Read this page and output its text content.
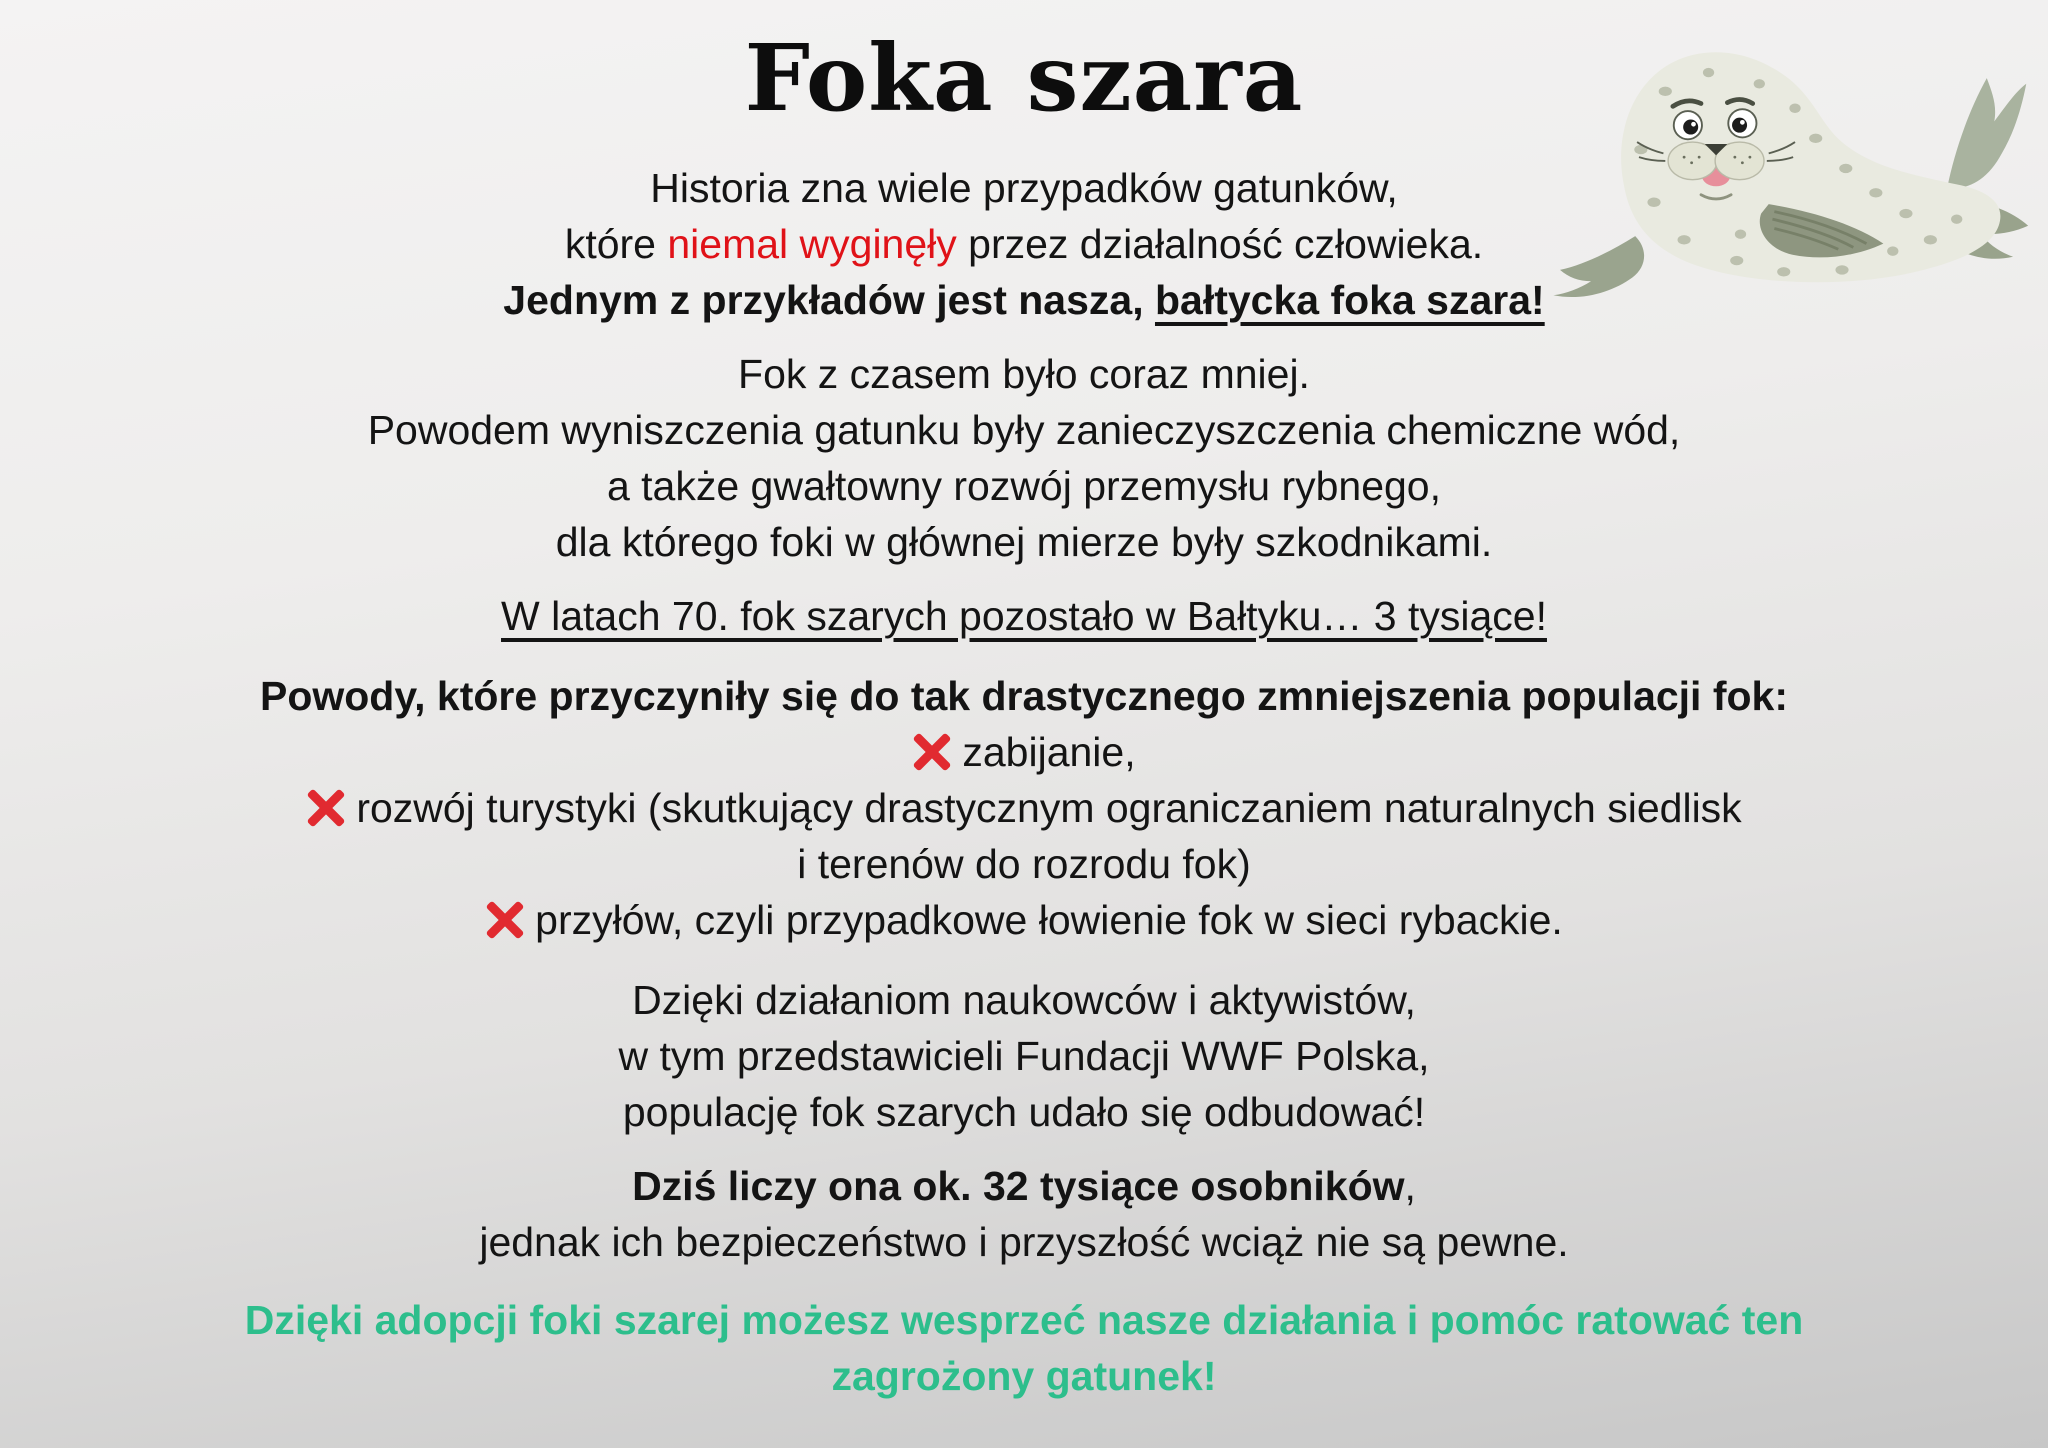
Foka szara
Historia zna wiele przypadków gatunków,
które niemal wyginęły przez działalność człowieka.
Jednym z przykładów jest nasza, bałtycka foka szara!
Fok z czasem było coraz mniej.
Powodem wyniszczenia gatunku były zanieczyszczenia chemiczne wód,
a także gwałtowny rozwój przemysłu rybnego,
dla którego foki w głównej mierze były szkodnikami.
W latach 70. fok szarych pozostało w Bałtyku… 3 tysiące!
Powody, które przyczyniły się do tak drastycznego zmniejszenia populacji fok:
zabijanie,
rozwój turystyki (skutkujący drastycznym ograniczaniem naturalnych siedlisk
i terenów do rozrodu fok)
przyłów, czyli przypadkowe łowienie fok w sieci rybackie.
Dzięki działaniom naukowców i aktywistów,
w tym przedstawicieli Fundacji WWF Polska,
populację fok szarych udało się odbudować!
Dziś liczy ona ok. 32 tysiące osobników,
jednak ich bezpieczeństwo i przyszłość wciąż nie są pewne.
Dzięki adopcji foki szarej możesz wesprzeć nasze działania i pomóc ratować ten
zagrożony gatunek!
